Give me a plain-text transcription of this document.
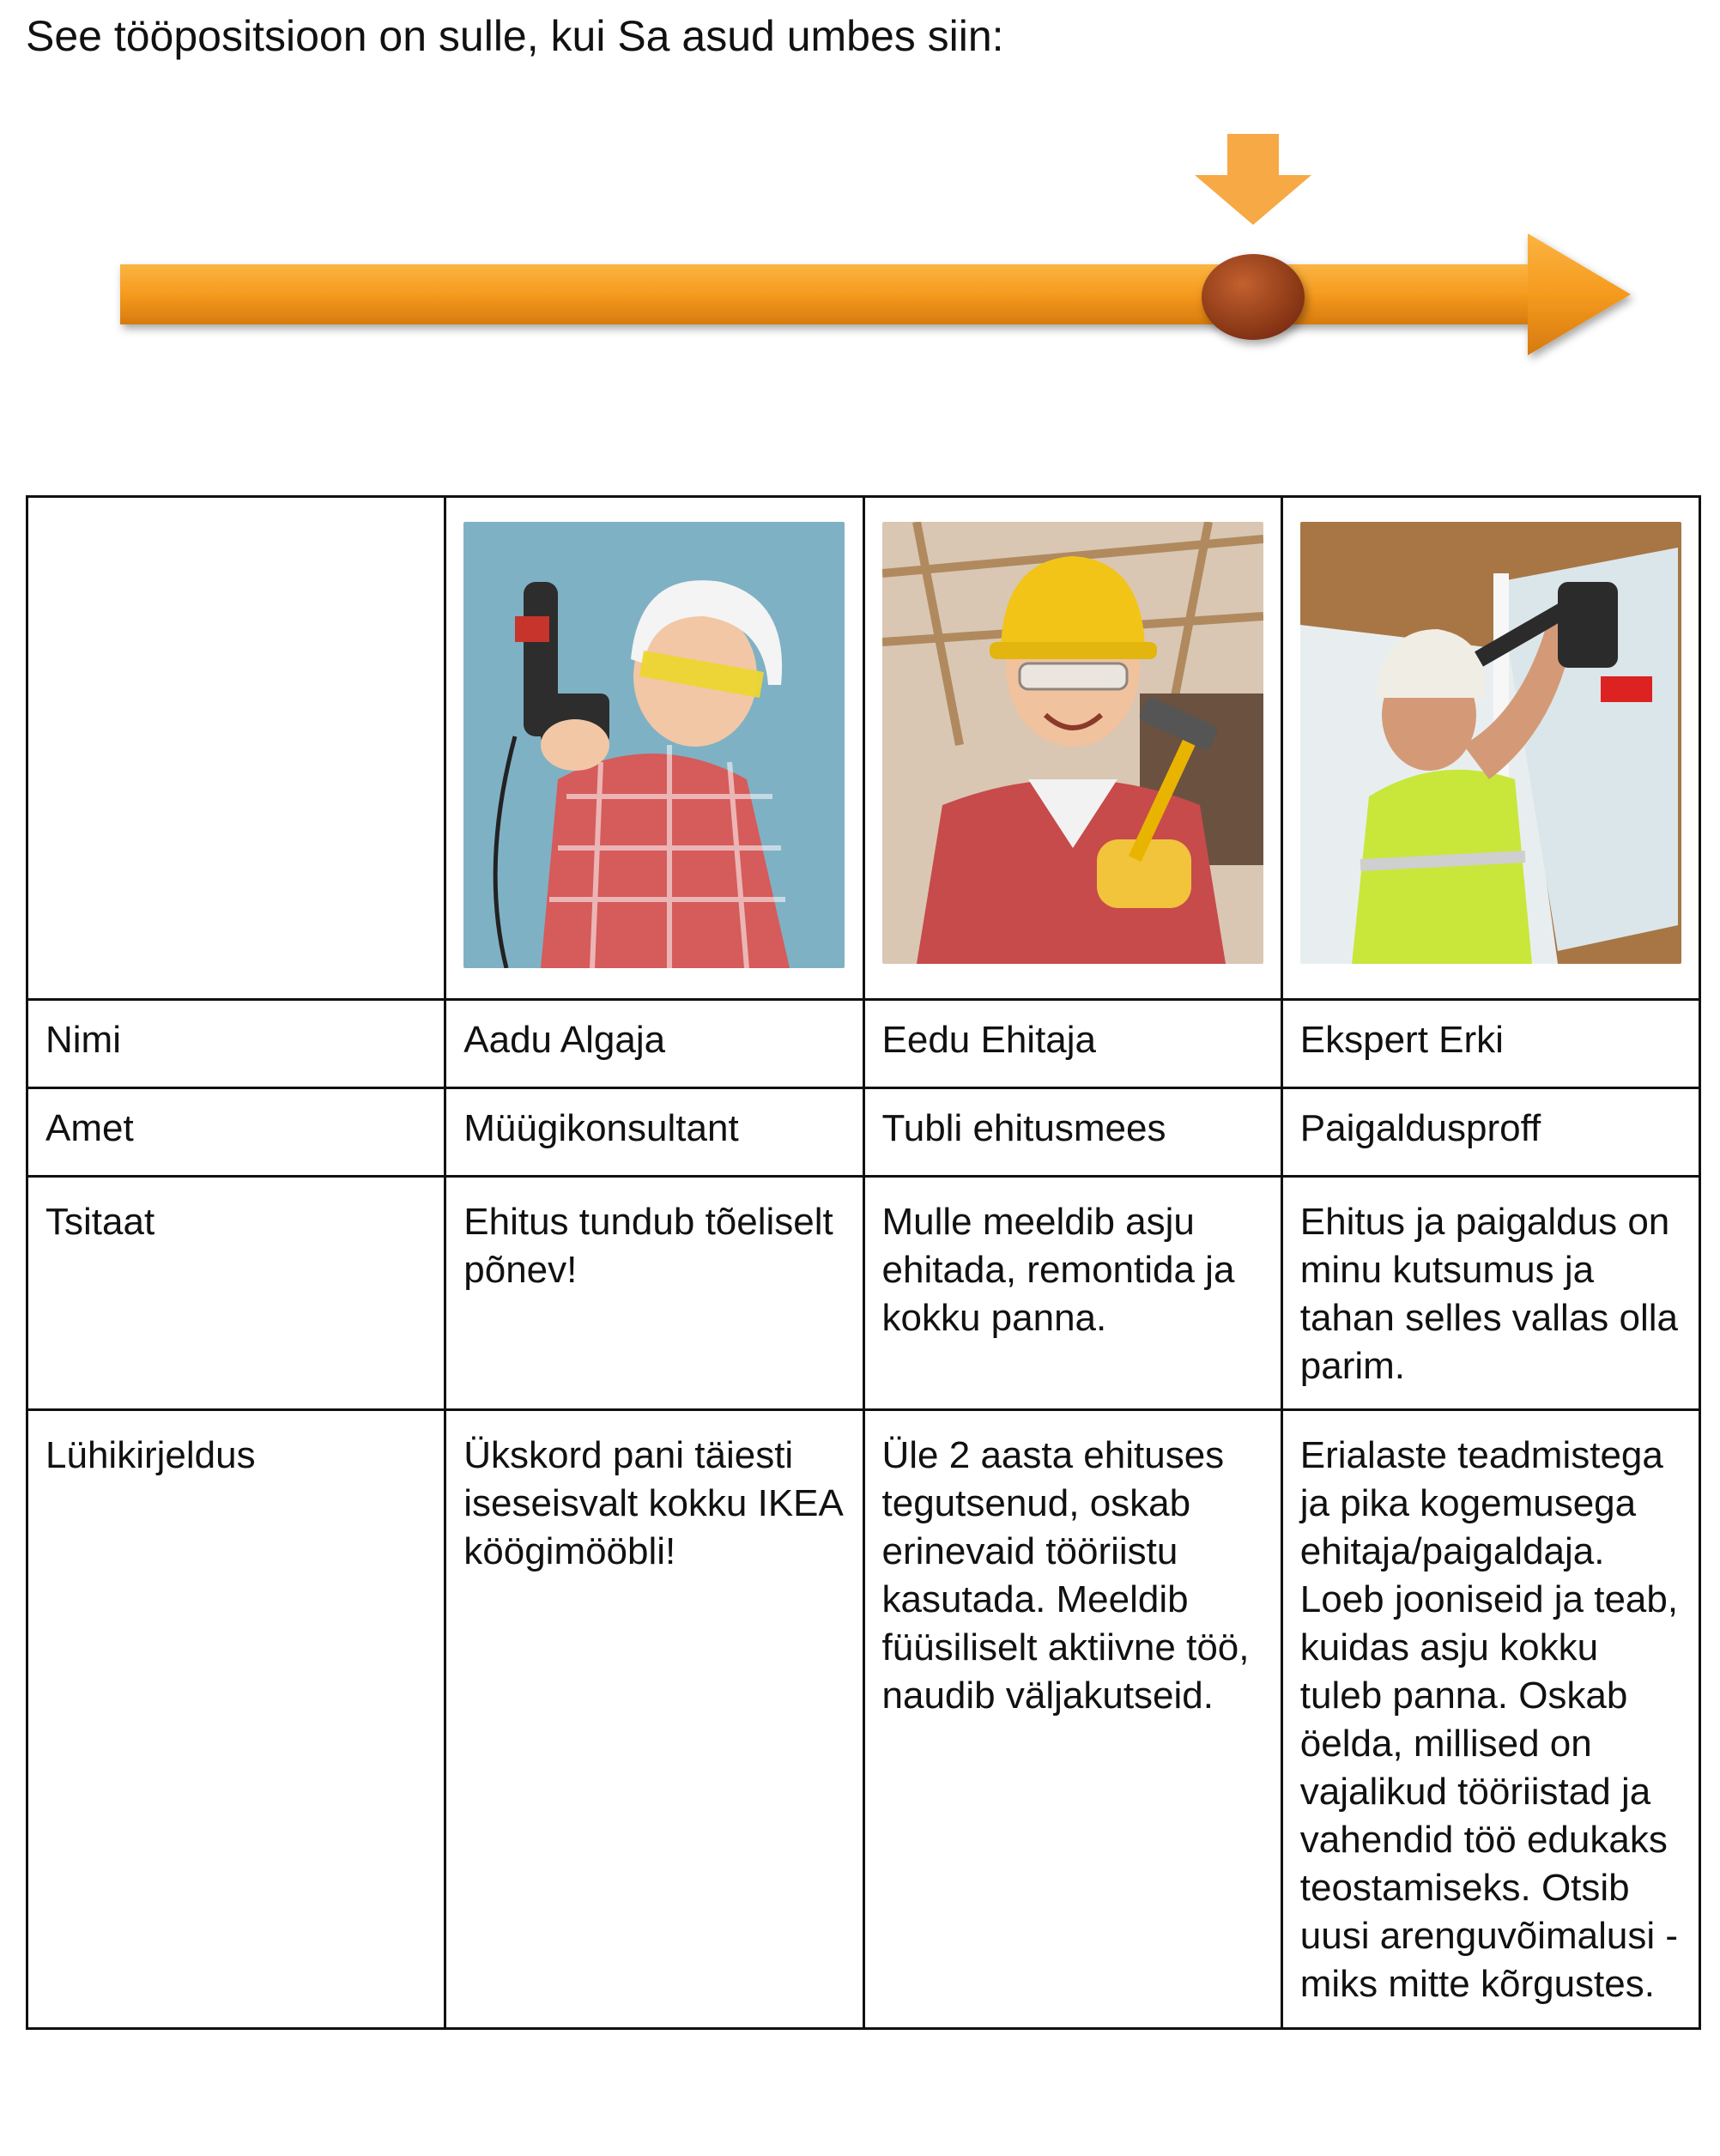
See tööpositsioon on sulle, kui Sa asud umbes siin:

Nimi	Aadu Algaja	Eedu Ehitaja	Ekspert Erki
Amet	Müügikonsultant	Tubli ehitusmees	Paigaldusproff
Tsitaat	Ehitus tundub tõeliselt põnev!	Mulle meeldib asju ehitada, remontida ja kokku panna.	Ehitus ja paigaldus on minu kutsumus ja tahan selles vallas olla parim.
Lühikirjeldus	Ükskord pani täiesti iseseisvalt kokku IKEA köögimööbli!	Üle 2 aasta ehituses tegutsenud, oskab erinevaid tööriistu kasutada. Meeldib füüsiliselt aktiivne töö, naudib väljakutseid.	Erialaste teadmistega ja pika kogemusega ehitaja/paigaldaja. Loeb jooniseid ja teab, kuidas asju kokku tuleb panna. Oskab öelda, millised on vajalikud tööriistad ja vahendid töö edukaks teostamiseks. Otsib uusi arenguvõimalusi - miks mitte kõrgustes.
